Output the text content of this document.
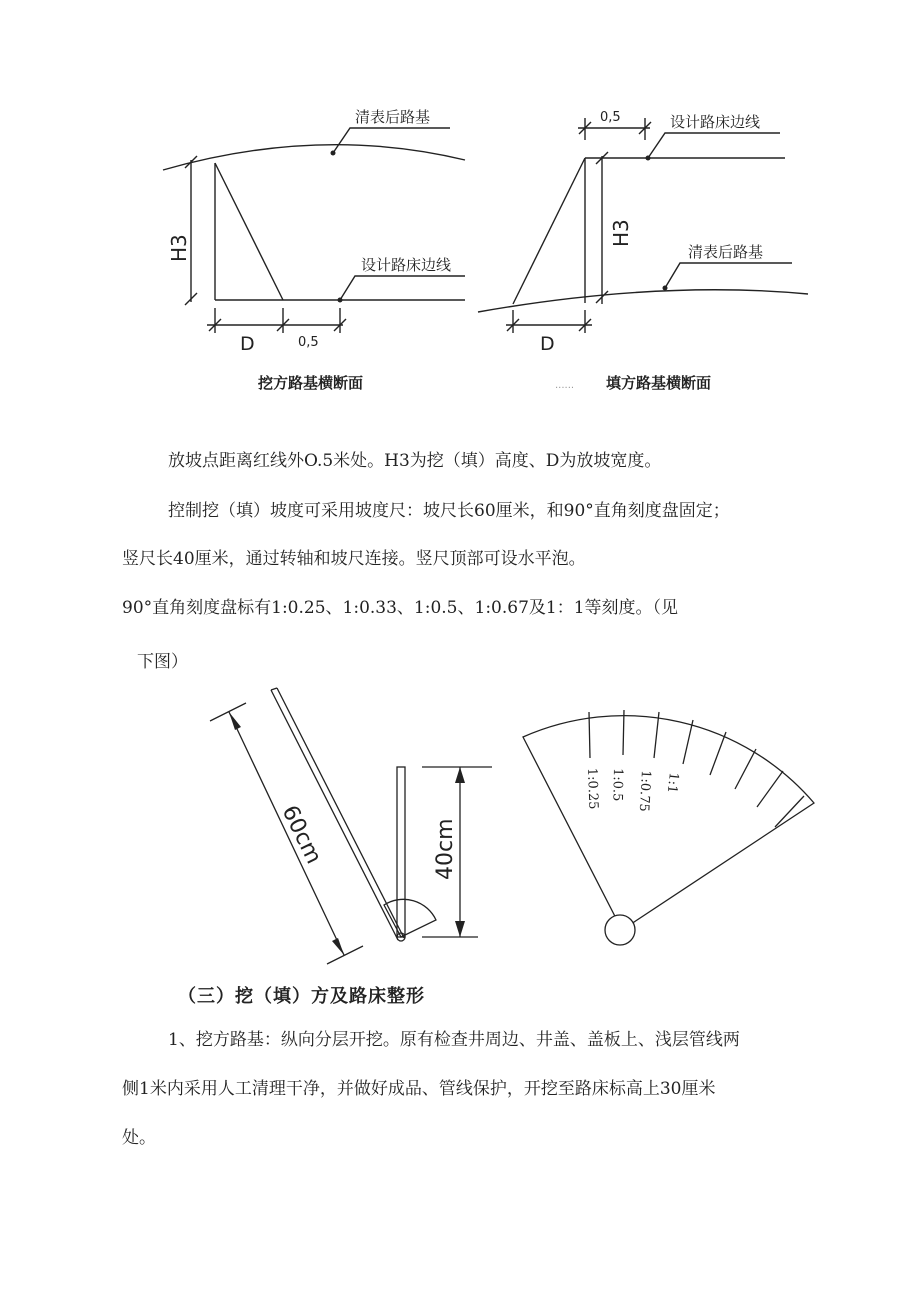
清表后路基
设计路床边线
H3
D	0,5
挖方路基横断面
0,5	设计路床边线
H3
清表后路基
D
...... 填方路基横断面
放坡点距离红线外O.5米处。H3为挖（填）高度、D为放坡宽度。
控制挖（填）坡度可采用坡度尺：坡尺长60厘米，和90°直角刻度盘固定；
竖尺长40厘米，通过转轴和坡尺连接。竖尺顶部可设水平泡。
90°直角刻度盘标有1:0.25、1:0.33、1:0.5、1:0.67及1：1等刻度。（见
下图）
60cm	40cm
1:1
1:0.75
1:0.5
1:0.25
（三）挖（填）方及路床整形
1、挖方路基：纵向分层开挖。原有检查井周边、井盖、盖板上、浅层管线两
侧1米内采用人工清理干净，并做好成品、管线保护，开挖至路床标高上30厘米
处。
